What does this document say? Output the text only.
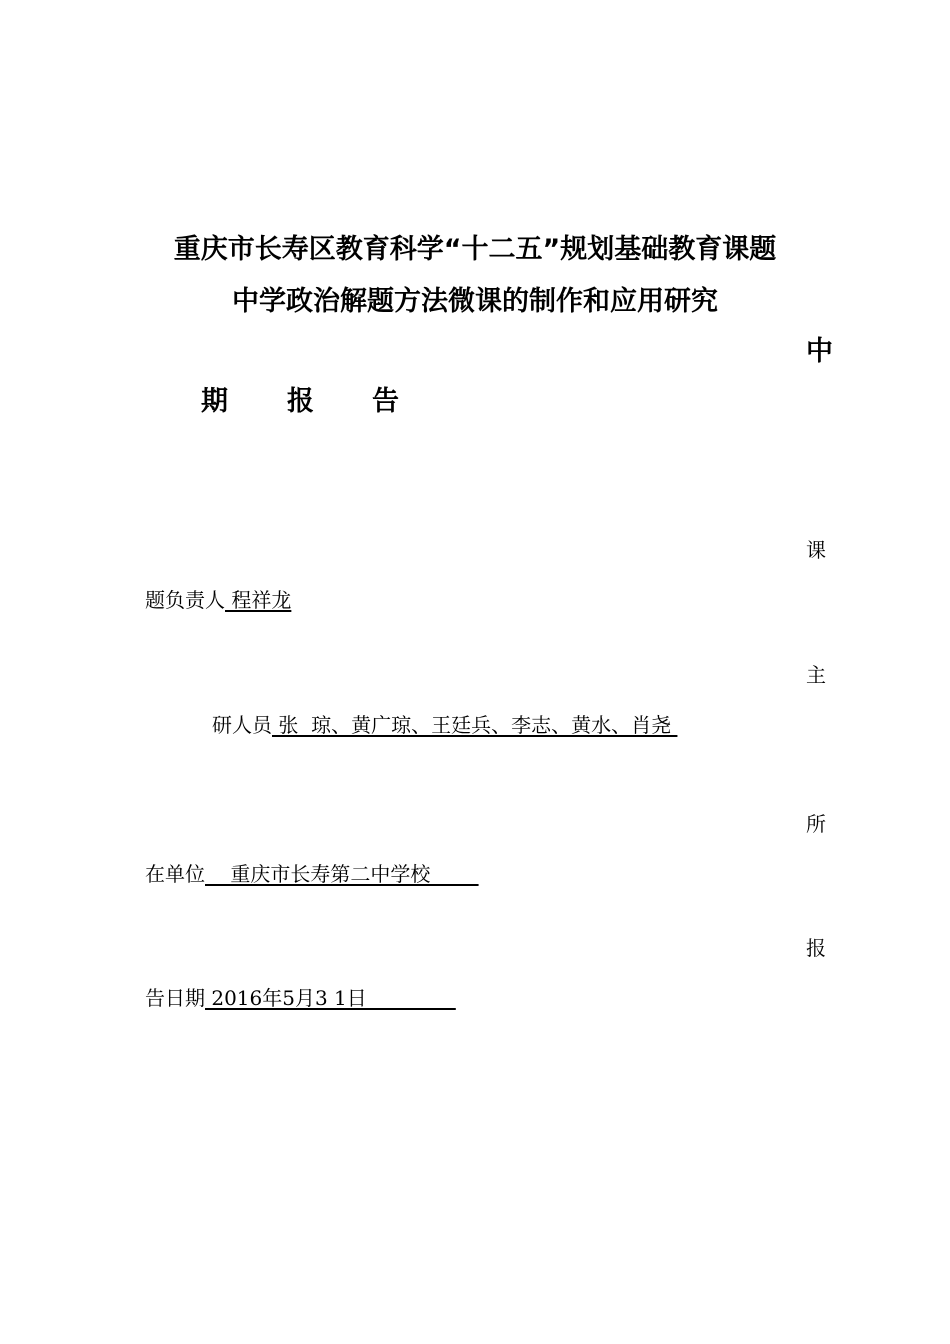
重庆市长寿区教育科学“十二五”规划基础教育课题
中学政治解题方法微课的制作和应用研究
中
期 报 告
课
题负责人 程祥龙
主
研人员 张  琼、黄广琼、王廷兵、李志、黄水、肖尧
所
在单位    重庆市长寿第二中学校_
报
告日期 2016年5月3 1日
